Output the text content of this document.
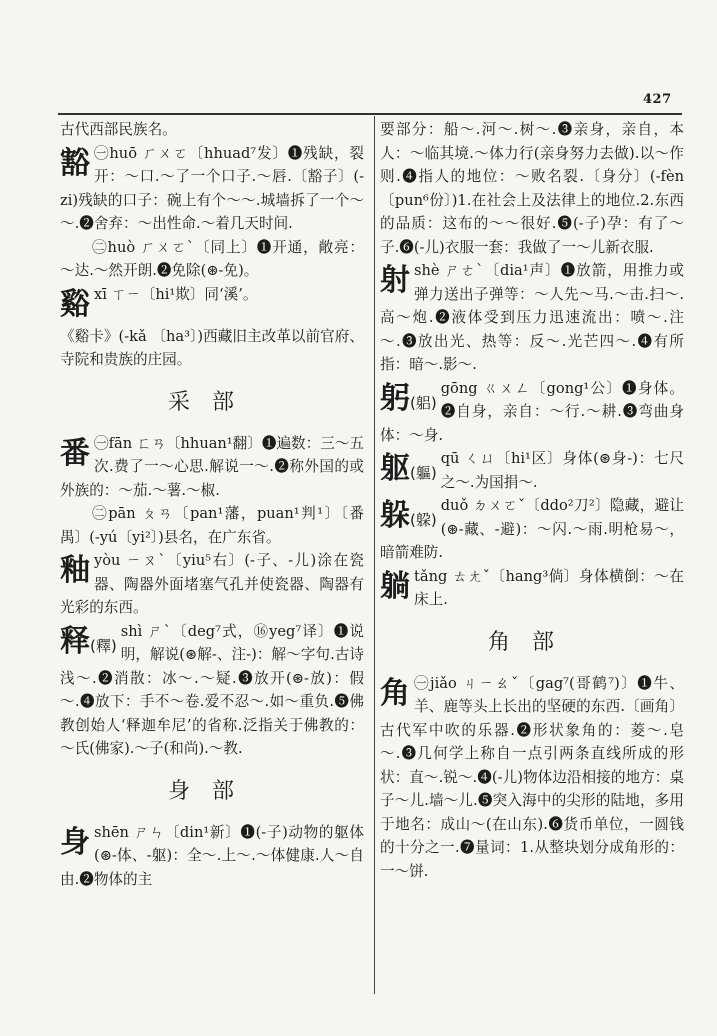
427

古代西部民族名。

豁 ㊀huō ㄏㄨㄛ〔hhuad⁷发〕❶残缺，裂开：～口.～了一个口子.～唇.〔豁子〕(-zi)残缺的口子：碗上有个～～.城墙拆了一个～～.❷舍弃：～出性命.～着几天时间.

㊁huò ㄏㄨㄛˋ〔同上〕❶开通，敞亮：～达.～然开朗.❷免除(⊛-免)。

谿 xī ㄒㄧ〔hi¹欺〕同‘溪’。

《谿卡》(-kǎ 〔ha³〕)西藏旧主改革以前官府、寺院和贵族的庄园。

采部
番 ㊀fān ㄈㄢ〔hhuan¹翻〕❶遍数：三～五次.费了一～心思.解说一～.❷称外国的或外族的：～茄.～薯.～椒.

㊁pān ㄆㄢ〔pan¹藩，puan¹判¹〕〔番禺〕(-yú〔yi²〕)县名，在广东省。

釉 yòu ㄧㄡˋ〔yiu⁵右〕(-子、-儿)涂在瓷器、陶器外面堵塞气孔并使瓷器、陶器有光彩的东西。
释(釋)
shì ㄕˋ〔deg⁷式，⑯yeg⁷译〕❶说明，解说(⊛解-、注-)：解～字句.古诗浅～.❷消散：冰～.～疑.❸放开(⊛-放)：假～.❹放下：手不～卷.爱不忍～.如～重负.❺佛教创始人‘释迦牟尼’的省称.泛指关于佛教的：～氏(佛家).～子(和尚).～教.
身部
身 shēn ㄕㄣ〔din¹新〕❶(-子)动物的躯体(⊛-体、-躯)：全～.上～.～体健康.人～自由.❷物体的主

要部分：船～.河～.树～.❸亲身，亲自，本人：～临其境.～体力行(亲身努力去做).以～作则.❹指人的地位：～败名裂.〔身分〕(-fèn〔pun⁶份〕)1.在社会上及法律上的地位.2.东西的品质：这布的～～很好.❺(-子)孕：有了～子.❻(-儿)衣服一套：我做了一～儿新衣服.

射 shè ㄕㄜˋ〔dia¹声〕❶放箭，用推力或弹力送出子弹等：～人先～马.～击.扫～.高～炮.❷液体受到压力迅速流出：喷～.注～.❸放出光、热等：反～.光芒四～.❹有所指：暗～.影～.
躬(躳)
gōng ㄍㄨㄥ〔gong¹公〕❶身体。❷自身，亲自：～行.～耕.❸弯曲身体：～身.
躯(軀)
qū ㄑㄩ〔hi¹区〕身体(⊛身-)：七尺之～.为国捐～.
躲(躱)
duǒ ㄉㄨㄛˇ〔ddo²刀²〕隐藏，避让(⊛-藏、-避)：～闪.～雨.明枪易～，暗箭难防.
躺 tǎng ㄊㄤˇ〔hang³倘〕身体横倒：～在床上.
角部
角 ㊀jiǎo ㄐㄧㄠˇ〔gag⁷(哥鹤⁷)〕❶牛、羊、鹿等头上长出的坚硬的东西.〔画角〕古代军中吹的乐器.❷形状象角的：菱～.皂～.❸几何学上称自一点引两条直线所成的形状：直～.锐～.❹(-儿)物体边沿相接的地方：桌子～儿.墙～儿.❺突入海中的尖形的陆地，多用于地名：成山～(在山东).❻货币单位，一圆钱的十分之一.❼量词：1.从整块划分成角形的：一～饼.
